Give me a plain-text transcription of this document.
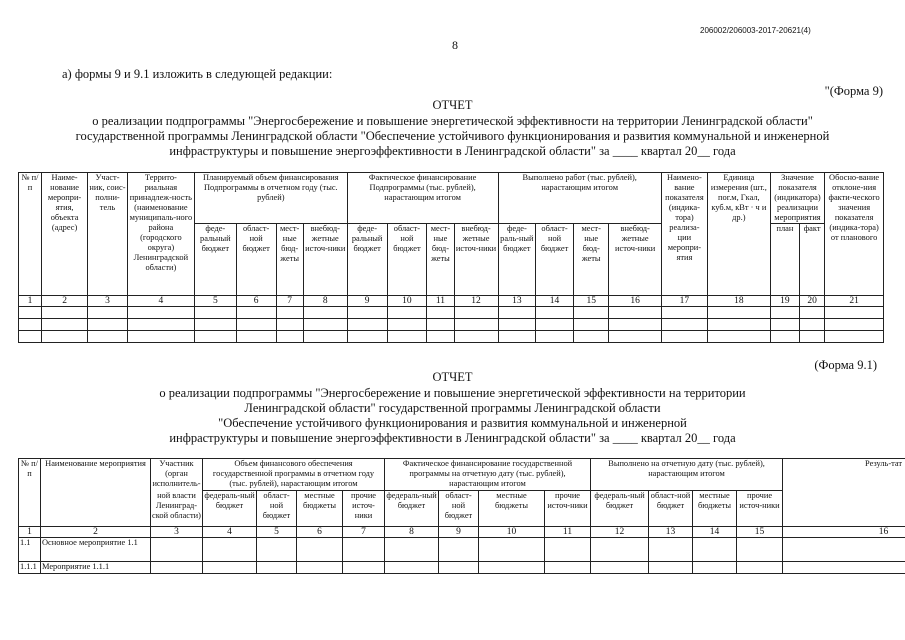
206002/206003-2017-20621(4)
8
а) формы 9 и 9.1 изложить в следующей редакции:
"(Форма 9)
ОТЧЕТ
о реализации подпрограммы "Энергосбережение и повышение энергетической эффективности на территории Ленинградской области"
государственной программы Ленинградской области "Обеспечение устойчивого функционирования и развития коммунальной и инженерной
инфраструктуры и повышение энергоэффективности в Ленинградской области" за ____ квартал 20__ года
№ п/п	Наиме-нование меропри-ятия, объекта (адрес)	Участ-ник, соис-полни-тель	Террито-риальная принадлеж-ность (наименование муниципаль-ного района (городского округа) Ленинградской области)	Планируемый объем финансирования Подпрограммы в отчетном году (тыс. рублей)				Фактическое финансирование Подпрограммы (тыс. рублей), нарастающим итогом				Выполнено работ (тыс. рублей), нарастающим итогом				Наимено-вание показателя (индика-тора) реализа-ции меропри-ятия	Единица измерения (шт., пог.м, Гкал, куб.м, кВт · ч и др.)	Значение показателя (индикатора) реализации мероприятия		Обосно-вание отклоне-ния факти-ческого значения показателя (индика-тора) от планового
				феде-ральный бюджет	област-ной бюджет	мест-ные бюд-жеты	внебюд-жетные источ-ники	феде-ральный бюджет	област-ной бюджет	мест-ные бюд-жеты	внебюд-жетные источ-ники	феде-раль-ный бюджет	област-ной бюджет	мест-ные бюд-жеты	внебюд-жетные источ-ники			план	факт	
1	2	3	4	5	6	7	8	9	10	11	12	13	14	15	16	17	18	19	20	21

(Форма 9.1)
ОТЧЕТ
о реализации подпрограммы "Энергосбережение и повышение энергетической эффективности на территории
Ленинградской области" государственной программы Ленинградской области
"Обеспечение устойчивого функционирования и развития коммунальной и инженерной
инфраструктуры и повышение энергоэффективности в Ленинградской области" за ____ квартал 20__ года
№ п/п	Наименование мероприятия	Участник (орган исполнитель-	Объем финансового обеспечения государственной программы в отчетном году (тыс. рублей), нарастающим итогом				Фактическое финансирование государственной программы на отчетную дату (тыс. рублей), нарастающим итогом				Выполнено на отчетную дату (тыс. рублей), нарастающим итогом				Резуль-тат
		ной власти Ленинград-ской области)	федераль-ный бюджет	област-ной бюджет	местные бюджеты	прочие источ-ники	федераль-ный бюджет	област-ной бюджет	местные бюджеты	прочие источ-ники	федераль-ный бюджет	област-ной бюджет	местные бюджеты	прочие источ-ники	
1	2	3	4	5	6	7	8	9	10	11	12	13	14	15	16
1.1	Основное мероприятие 1.1														
1.1.1	Мероприятие 1.1.1														
